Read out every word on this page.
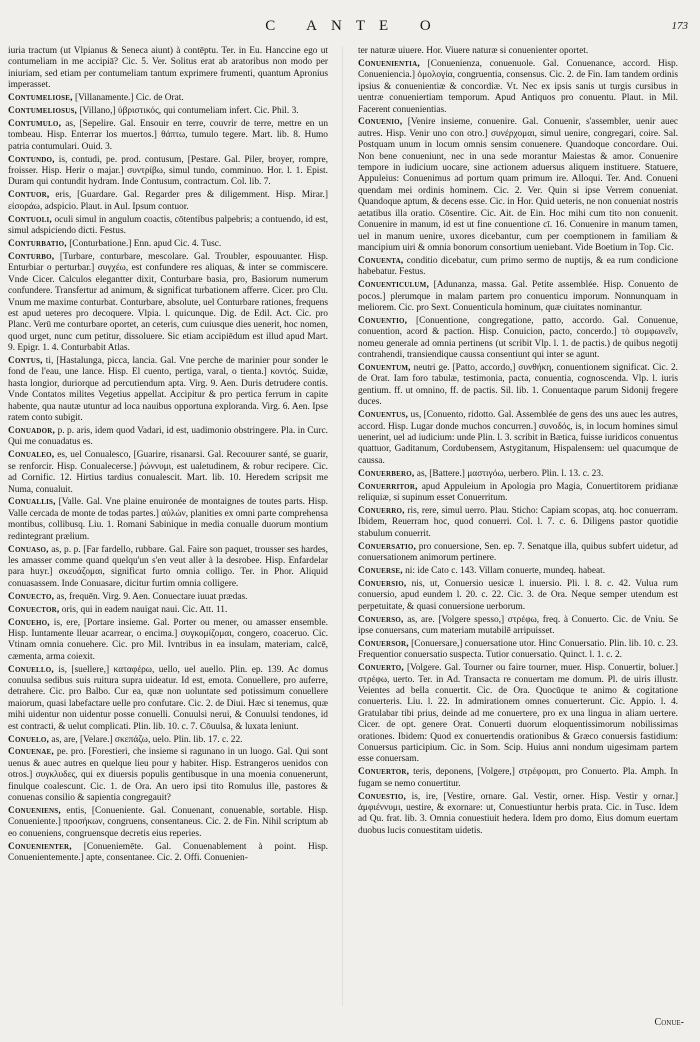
C ANTE O	173

iuria tractum (ut Vlpianus & Seneca aiunt) à contēptu. Ter. in Eu. Hanccine ego ut contumeliam in me accipiā? Cic. 5. Ver. Solitus erat ab aratoribus non modo per iniuriam, sed etiam per contumeliam tantum exprimere frumenti, quantum Apronius imperasset.

Contumeliose, [Villanamente.] Cic. de Orat.

Contumeliosus, [Villano,] ὑβριστικός, qui contumeliam infert. Cic. Phil. 3.

Contumulo, as, [Sepelire. Gal. Ensouir en terre, couvrir de terre, mettre en un tombeau. Hisp. Enterrar los muertos.] θάπτω, tumulo tegere. Mart. lib. 8. Humo patria contumulari. Ouid. 3.

Contundo, is, contudi, pe. prod. contusum, [Pestare. Gal. Piler, broyer, rompre, froisser. Hisp. Herir o majar.] συντρίβω, simul tundo, comminuo. Hor. l. 1. Epist. Duram qui contundit hydram. Inde Contusum, contractum. Col. lib. 7.

Contuor, eris, [Guardare. Gal. Regarder pres & diligemment. Hisp. Mirar.] εἰσοράω, adspicio. Plaut. in Aul. Ipsum contuor.

Contuoli, oculi simul in angulum coactis, cōtentibus palpebris; a contuendo, id est, simul adspiciendo dicti. Festus.

Conturbatio, [Conturbatione.] Enn. apud Cic. 4. Tusc.

Conturbo, [Turbare, conturbare, mescolare. Gal. Troubler, espouuanter. Hisp. Enturbiar o perturbar.] συγχέω, est confundere res aliquas, & inter se commiscere. Vnde Cicer. Calculos elegantter dixit, Conturbare basia, pro, Basiorum numerum confundere. Transfertur ad animum, & significat turbationem afferre. Cicer. pro Clu. Vnum me maxime conturbat. Conturbare, absolute, uel Conturbare rationes, frequens est apud ueteres pro decoquere. Vlpia. l. quicunque. Dig. de Edil. Act. Cic. pro Planc. Verū me conturbare oportet, an ceteris, cum cuiusque dies uenerit, hoc nomen, quod urget, nunc cum petitur, dissoluere. Sic etiam accipiēdum est illud apud Mart. 9. Epigr. 1. 4. Conturbabit Atlas.

Contus, ti, [Hastalunga, picca, lancia. Gal. Vne perche de marinier pour sonder le fond de l'eau, une lance. Hisp. El cuento, pertiga, varal, o tienta.] κοντός. Suidæ, hasta longior, duriorque ad percutiendum apta. Virg. 9. Aen. Duris detrudere contis. Vnde Contatos milites Vegetius appellat. Accipitur & pro pertica ferrum in capite habente, qua nautæ utuntur ad loca nauibus opportuna exploranda. Virg. 6. Aen. Ipse ratem conto subigit.

Conuador, p. p. aris, idem quod Vadari, id est, uadimonio obstringere. Pla. in Curc. Qui me conuadatus es.

Conualeo, es, uel Conualesco, [Guarire, risanarsi. Gal. Recouurer santé, se guarir, se renforcir. Hisp. Conualecerse.] ῥώννυμι, est ualetudinem, & robur recipere. Cic. ad Cornific. 12. Hirtius tardius conualescit. Mart. lib. 10. Heredem scripsit me Numa, conualuit.

Conuallis, [Valle. Gal. Vne plaine enuironée de montaignes de toutes parts. Hisp. Valle cercada de monte de todas partes.] αὐλών, planities ex omni parte comprehensa montibus, collibusq. Liu. 1. Romani Sabinique in media conualle duorum montium redintegrant prælium.

Conuaso, as, p. p. [Far fardello, rubbare. Gal. Faire son paquet, trousser ses hardes, les amasser comme quand quelqu'un s'en veut aller à la desrobee. Hisp. Enfardelar para huyr.] σκευάζομαι, significat furto omnia colligo. Ter. in Phor. Aliquid conuasassem. Inde Conuasare, dicitur furtim omnia colligere.

Conuecto, as, frequēn. Virg. 9. Aen. Conuectare iuuat prædas.

Conuector, oris, qui in eadem nauigat naui. Cic. Att. 11.

Conueho, is, ere, [Portare insieme. Gal. Porter ou mener, ou amasser ensemble. Hisp. Iuntamente lleuar acarrear, o encima.] συγκομίζομαι, congero, coaceruo. Cic. Vtinam omnia conuehere. Cic. pro Mil. Ivntribus in ea insulam, materiam, calcē, cæmenta, arma coiexit.

Conuello, is, [suellere,] καταφέρω, uello, uel auello. Plin. ep. 139. Ac domus conuulsa sedibus suis ruitura supra uideatur. Id est, emota. Conuellere, pro auferre, detrahere. Cic. pro Balbo. Cur ea, quæ non uoluntate sed potissimum conuellere maiorum, quasi labefactare uelle pro confutare. Cic. 2. de Diui. Hæc si tenemus, quæ mihi uidentur non uidentur posse conuelli. Conuulsi nerui, & Conuulsi tendones, id est contracti, & uelut complicati. Plin. lib. 10. c. 7. Cōuulsa, & luxata leniunt.

Conuelo, as, are, [Velare.] σκεπάζω, uelo. Plin. lib. 17. c. 22.

Conuenae, pe. pro. [Forestieri, che insieme si ragunano in un luogo. Gal. Qui sont uenus & auec autres en quelque lieu pour y habiter. Hisp. Estrangeros uenidos con otros.] συγκλυδες, qui ex diuersis populis gentibusque in una moenia conuenerunt, finulque coalescunt. Cic. 1. de Ora. An uero ipsi tito Romulus ille, pastores & conuenas consilio & sapientia congregauit?

Conueniens, entis, [Conueniente. Gal. Conuenant, conuenable, sortable. Hisp. Conueniente.] προσήκων, congruens, consentaneus. Cic. 2. de Fin. Nihil scriptum ab eo conueniens, congruensque decretis eius reperies.

Conuenienter, [Conueniemēte. Gal. Conuenablement à point. Hisp. Conuenientemente.] apte, consentanee. Cic. 2. Offi. Conuenien-

ter naturæ uiuere. Hor. Viuere naturæ si conuenienter oportet.

Conuenientia, [Conuenienza, conuenuole. Gal. Conuenance, accord. Hisp. Conueniencia.] ὁμολογία, congruentia, consensus. Cic. 2. de Fin. Iam tandem ordinis ipsius & conuenientiæ & concordiæ. Vt. Nec ex ipsis sanis ut turgis cursibus in uentræ conueniertiam temporum. Apud Antiquos pro conuentu. Plaut. in Mil. Facerent conuenientias.

Conuenio, [Venire insieme, conuenire. Gal. Conuenir, s'assembler, uenir auec autres. Hisp. Venir uno con otro.] συνέρχομαι, simul uenire, congregari, coire. Sal. Postquam unum in locum omnis sensim conuenere. Quandoque concordare. Oui. Non bene conueniunt, nec in una sede morantur Maiestas & amor. Conuenire tempore in iudicium uocare, sine actionem aduersus aliquem instituere. Statuere, Appuleius: Conuenimus ad portum quam primum ire. Alloqui. Ter. And. Conueni quendam mei ordinis hominem. Cic. 2. Ver. Quin si ipse Verrem conueniat. Quandoque aptum, & decens esse. Cic. in Hor. Quid ueteris, ne non conueniat nostris aetatibus illa oratio. Cōsentire. Cic. Ait. de Ein. Hoc mihi cum tito non conuenit. Conuenire in manum, id est ut fine conuentione cī. 16. Conuenire in manum tamen, uel in manum uenire, uxores dicebantur, cum per coemptionem in familiam & mancipium uiri & omnia bonorum consortium ueniebant. Vide Boetium in Top. Cic.

Conuenta, conditio dicebatur, cum primo sermo de nuptijs, & ea rum condicione habebatur. Festus.

Conuenticulum, [Adunanza, massa. Gal. Petite assemblée. Hisp. Conuento de pocos.] plerumque in malam partem pro conuenticu imporum. Nonnunquam in meliorem. Cic. pro Sext. Conuenticula hominum, quæ ciuitates nominantur.

Conuentio, [Conuentione, congregatione, patto, accordo. Gal. Conuenue, conuention, acord & paction. Hisp. Conuicion, pacto, concerdo.] τὸ συμφωνεῖν, nomeu generale ad omnia pertinens (ut scribit Vlp. l. 1. de pactis.) de quibus negotij contrahendi, transiendique caussa consentiunt qui inter se agunt.

Conuentum, neutri ge. [Patto, accordo,] συνθήκη, conuentionem significat. Cic. 2. de Orat. Iam foro tabulæ, testimonia, pacta, conuentia, cognoscenda. Vlp. l. iuris gentium. ff. ut omnino, ff. de pactis. Sil. lib. 1. Conuentaque parum Sidonij fregere duces.

Conuentus, us, [Conuento, ridotto. Gal. Assemblée de gens des uns auec les autres, accord. Hisp. Lugar donde muchos concurren.] συνοδός, is, in locum homines simul uenerint, uel ad iudicium: unde Plin. l. 3. scribit in Bætica, fuisse iuridicos conuentus quattuor, Gaditanum, Cordubensem, Astygitanum, Hispalensem: uel quacumque de caussa.

Conuerbero, as, [Battere.] μαστιγόω, uerbero. Plin. l. 13. c. 23.

Conuerritor, apud Appuleium in Apologia pro Magia, Conuertitorem pridianæ reliquiæ, si supinum esset Conuerritum.

Conuerro, ris, rere, simul uerro. Plau. Sticho: Capiam scopas, atq. hoc conuerram. Ibidem, Reuerram hoc, quod conuerri. Col. l. 7. c. 6. Diligens pastor quotidie stabulum conuerrit.

Conuersatio, pro conuersione, Sen. ep. 7. Senatque illa, quibus subfert uidetur, ad conuersationem animorum pertinere.

Conuerse, ni: ide Cato c. 143. Villam conuerte, mundeq. habeat.

Conuersio, nis, ut, Conuersio uesicæ l. inuersio. Pli. l. 8. c. 42. Vulua rum conuersio, apud eundem l. 20. c. 22. Cic. 3. de Ora. Neque semper utendum est perpetuitate, & quasi conuersione uerborum.

Conuerso, as, are. [Volgere spesso,] στρέφω, freq. à Conuerto. Cic. de Vniu. Se ipse conuersans, cum materiam mutabilē arripuisset.

Conuersor, [Conuersare,] conuersatione utor. Hinc Conuersatio. Plin. lib. 10. c. 23. Frequentior conuersatio suspecta. Tutior conuersatio. Quinct. l. 1. c. 2.

Conuerto, [Volgere. Gal. Tourner ou faire tourner, muer. Hisp. Conuertir, boluer.] στρέφω, uerto. Ter. in Ad. Transacta re conuertam me domum. Pl. de uiris illustr. Veientes ad bella conuertit. Cic. de Ora. Quocūque te animo & cogitatione conuerteris. Liu. l. 22. In admirationem omnes conuerterunt. Cic. Appio. l. 4. Gratulabar tibi prius, deinde ad me conuertere, pro ex una lingua in aliam uertere. Cicer. de opt. genere Orat. Conuerti duorum eloquentissimorum nobilissimas orationes. Ibidem: Quod ex conuertendis orationibus & Græco conuersis fastidium: Conuersus participium. Cic. in Som. Scip. Huius anni nondum uigesimam partem esse conuersam.

Conuertor, teris, deponens, [Volgere,] στρέφομαι, pro Conuerto. Pla. Amph. In fugam se nemo conuertitur.

Conuestio, is, ire, [Vestire, ornare. Gal. Vestir, orner. Hisp. Vestir y ornar.] ἀμφιέννυμι, uestire, & exornare: ut, Conuestiuntur herbis prata. Cic. in Tusc. Idem ad Qu. frat. lib. 3. Omnia conuestiuit hedera. Idem pro domo, Eius domum euertam duobus lucis conuestitam uidetis.

Conue-
